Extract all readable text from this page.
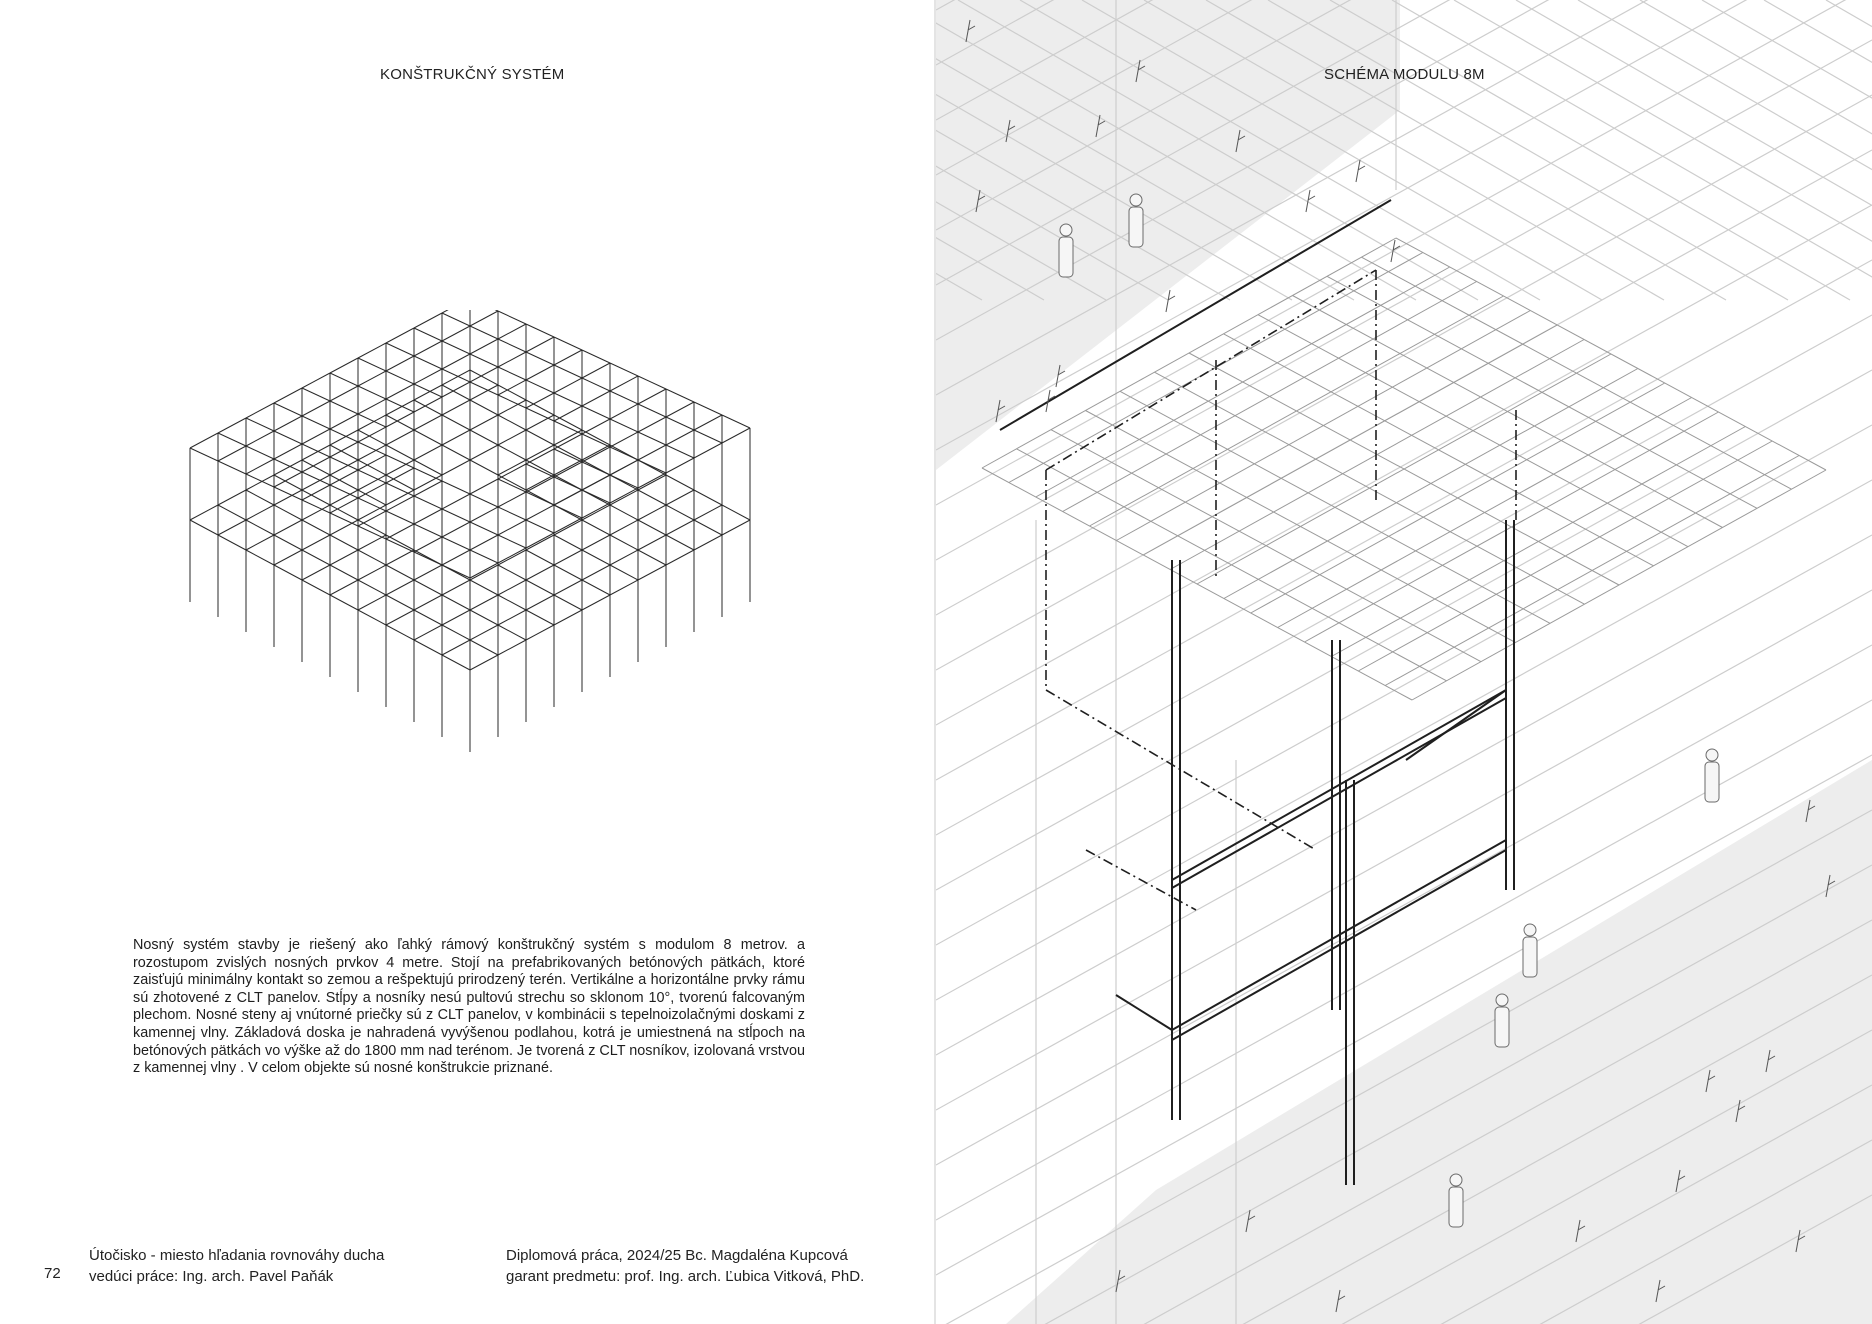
KONŠTRUKČNÝ SYSTÉM

Nosný systém stavby je riešený ako ľahký rámový konštrukčný systém s modulom 8 metrov. a rozostupom zvislých nosných prvkov 4 metre. Stojí na prefabrikovaných betónových pätkách, ktoré zaisťujú minimálny kontakt so zemou a rešpektujú prirodzený terén. Vertikálne a horizontálne prvky rámu sú zhotovené z CLT panelov. Stĺpy a nosníky nesú pultovú strechu so sklonom 10°, tvorenú falcovaným plechom. Nosné steny aj vnútorné priečky sú z CLT panelov, v kombinácii s tepelnoizolačnými doskami z kamennej vlny. Základová doska je nahradená vyvýšenou podlahou, kotrá je umiestnená na stĺpoch na betónových pätkách vo výške až do 1800 mm nad terénom. Je tvorená z CLT nosníkov, izolovaná vrstvou z kamennej vlny . V celom objekte sú nosné konštrukcie priznané.

72
Útočisko - miesto hľadania rovnováhy ducha
vedúci práce: Ing. arch. Pavel Paňák
Diplomová práca, 2024/25 Bc. Magdaléna Kupcová
garant predmetu: prof. Ing. arch. Ľubica Vitková, PhD.
SCHÉMA MODULU 8M
